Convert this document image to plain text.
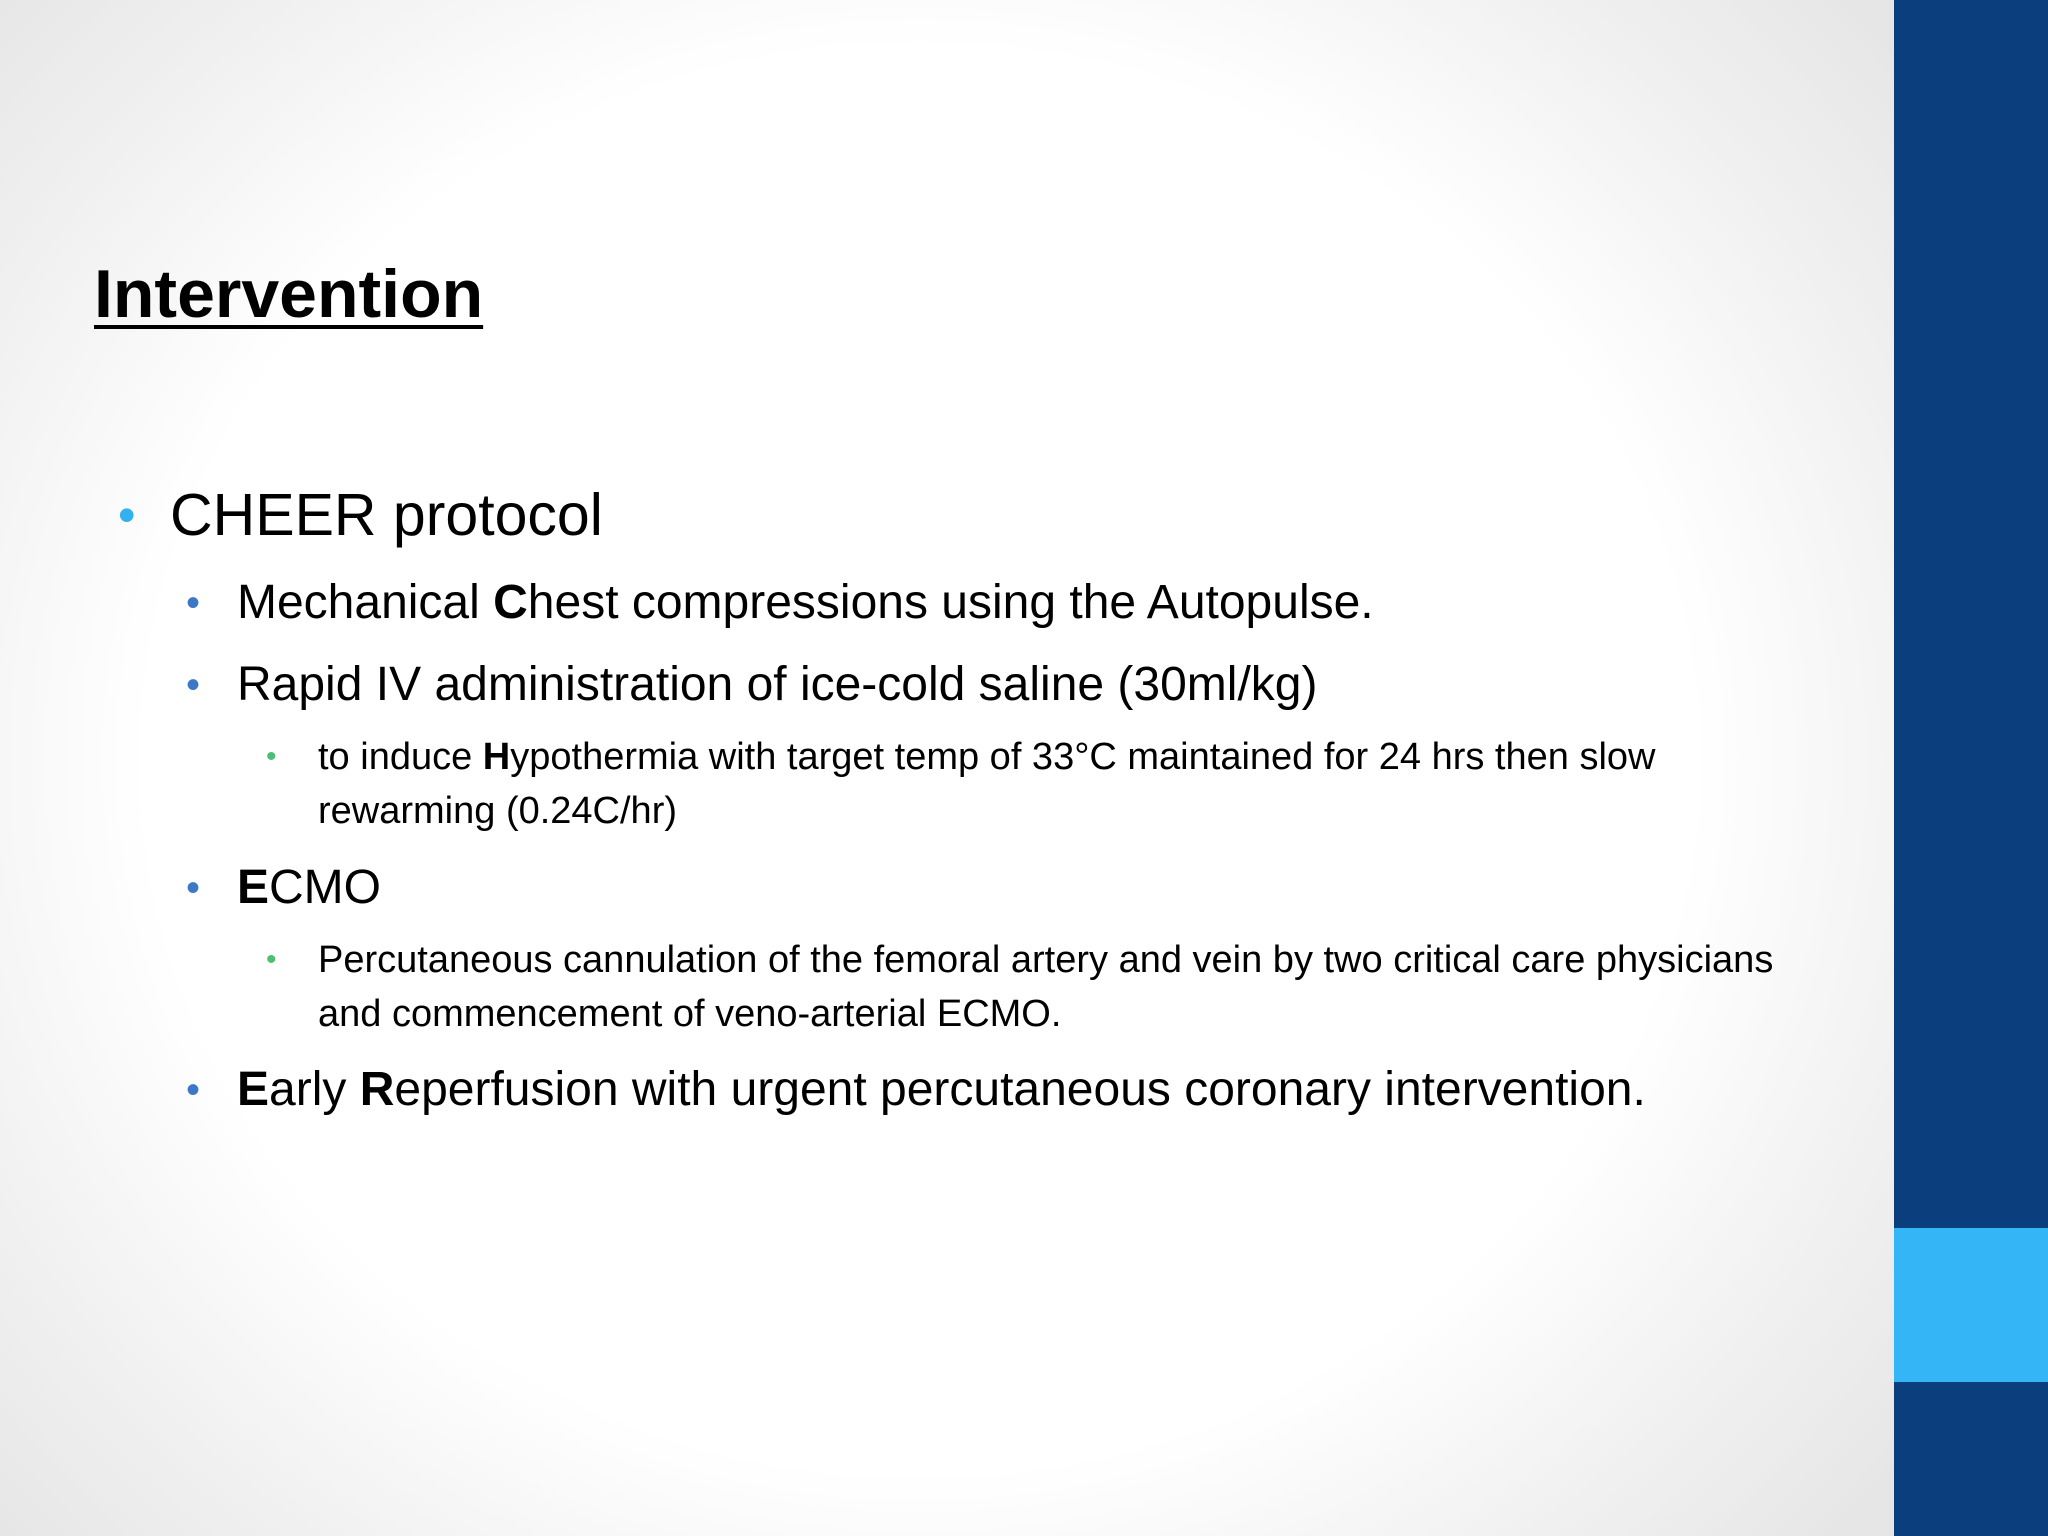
Intervention
• CHEER protocol
• Mechanical Chest compressions using the Autopulse.
• Rapid IV administration of ice-cold saline (30ml/kg)
• to induce Hypothermia with target temp of 33°C maintained for 24 hrs then slow rewarming (0.24C/hr)
• ECMO
• Percutaneous cannulation of the femoral artery and vein by two critical care physicians and commencement of veno-arterial ECMO.
• Early Reperfusion with urgent percutaneous coronary intervention.
